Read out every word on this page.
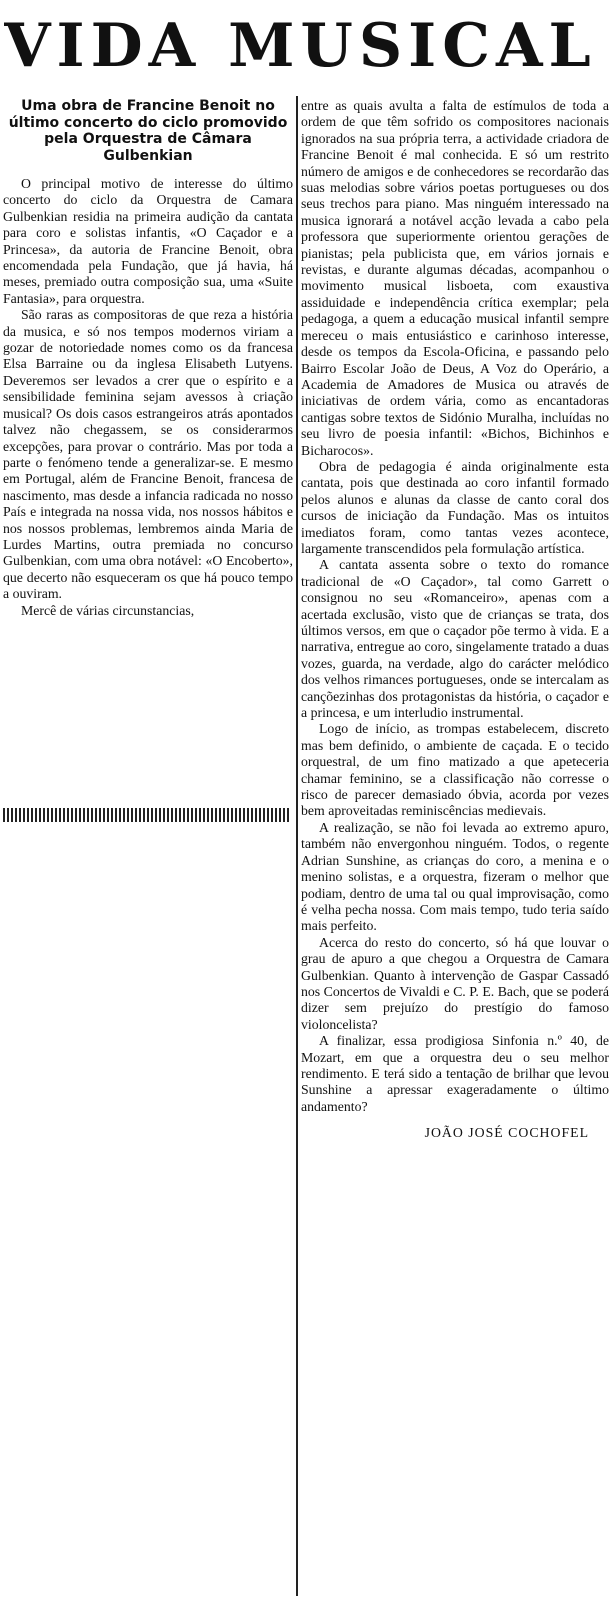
VIDA MUSICAL
Uma obra de Francine Benoit no último concerto do ciclo promovido pela Orquestra de Câmara Gulbenkian

O principal motivo de interesse do último concerto do ciclo da Orquestra de Camara Gulbenkian residia na primeira audição da cantata para coro e solistas infantis, «O Caçador e a Princesa», da autoria de Francine Benoit, obra encomendada pela Fundação, que já havia, há meses, premiado outra composição sua, uma «Suite Fantasia», para orquestra.

São raras as compositoras de que reza a história da musica, e só nos tempos modernos viriam a gozar de notoriedade nomes como os da francesa Elsa Barraine ou da inglesa Elisabeth Lutyens. Deveremos ser levados a crer que o espírito e a sensibilidade feminina sejam avessos à criação musical? Os dois casos estrangeiros atrás apontados talvez não chegassem, se os considerarmos excepções, para provar o contrário. Mas por toda a parte o fenómeno tende a generalizar-se. E mesmo em Portugal, além de Francine Benoit, francesa de nascimento, mas desde a infancia radicada no nosso País e integrada na nossa vida, nos nossos hábitos e nos nossos problemas, lembremos ainda Maria de Lurdes Martins, outra premiada no concurso Gulbenkian, com uma obra notável: «O Encoberto», que decerto não esqueceram os que há pouco tempo a ouviram.

Mercê de várias circunstancias,

entre as quais avulta a falta de estímulos de toda a ordem de que têm sofrido os compositores nacionais ignorados na sua própria terra, a actividade criadora de Francine Benoit é mal conhecida. E só um restrito número de amigos e de conhecedores se recordarão das suas melodias sobre vários poetas portugueses ou dos seus trechos para piano. Mas ninguém interessado na musica ignorará a notável acção levada a cabo pela professora que superiormente orientou gerações de pianistas; pela publicista que, em vários jornais e revistas, e durante algumas décadas, acompanhou o movimento musical lisboeta, com exaustiva assiduidade e independência crítica exemplar; pela pedagoga, a quem a educação musical infantil sempre mereceu o mais entusiástico e carinhoso interesse, desde os tempos da Escola-Oficina, e passando pelo Bairro Escolar João de Deus, A Voz do Operário, a Academia de Amadores de Musica ou através de iniciativas de ordem vária, como as encantadoras cantigas sobre textos de Sidónio Muralha, incluídas no seu livro de poesia infantil: «Bichos, Bichinhos e Bicharocos».

Obra de pedagogia é ainda originalmente esta cantata, pois que destinada ao coro infantil formado pelos alunos e alunas da classe de canto coral dos cursos de iniciação da Fundação. Mas os intuitos imediatos foram, como tantas vezes acontece, largamente transcendidos pela formulação artística.

A cantata assenta sobre o texto do romance tradicional de «O Caçador», tal como Garrett o consignou no seu «Romanceiro», apenas com a acertada exclusão, visto que de crianças se trata, dos últimos versos, em que o caçador põe termo à vida. E a narrativa, entregue ao coro, singelamente tratado a duas vozes, guarda, na verdade, algo do carácter melódico dos velhos rimances portugueses, onde se intercalam as cançõezinhas dos protagonistas da história, o caçador e a princesa, e um interludio instrumental.

Logo de início, as trompas estabelecem, discreto mas bem definido, o ambiente de caçada. E o tecido orquestral, de um fino matizado a que apeteceria chamar feminino, se a classificação não corresse o risco de parecer demasiado óbvia, acorda por vezes bem aproveitadas reminiscências medievais.

A realização, se não foi levada ao extremo apuro, também não envergonhou ninguém. Todos, o regente Adrian Sunshine, as crianças do coro, a menina e o menino solistas, e a orquestra, fizeram o melhor que podiam, dentro de uma tal ou qual improvisação, como é velha pecha nossa. Com mais tempo, tudo teria saído mais perfeito.

Acerca do resto do concerto, só há que louvar o grau de apuro a que chegou a Orquestra de Camara Gulbenkian. Quanto à intervenção de Gaspar Cassadó nos Concertos de Vivaldi e C. P. E. Bach, que se poderá dizer sem prejuízo do prestígio do famoso violoncelista?

A finalizar, essa prodigiosa Sinfonia n.º 40, de Mozart, em que a orquestra deu o seu melhor rendimento. E terá sido a tentação de brilhar que levou Sunshine a apressar exageradamente o último andamento?

JOÃO JOSÉ COCHOFEL
